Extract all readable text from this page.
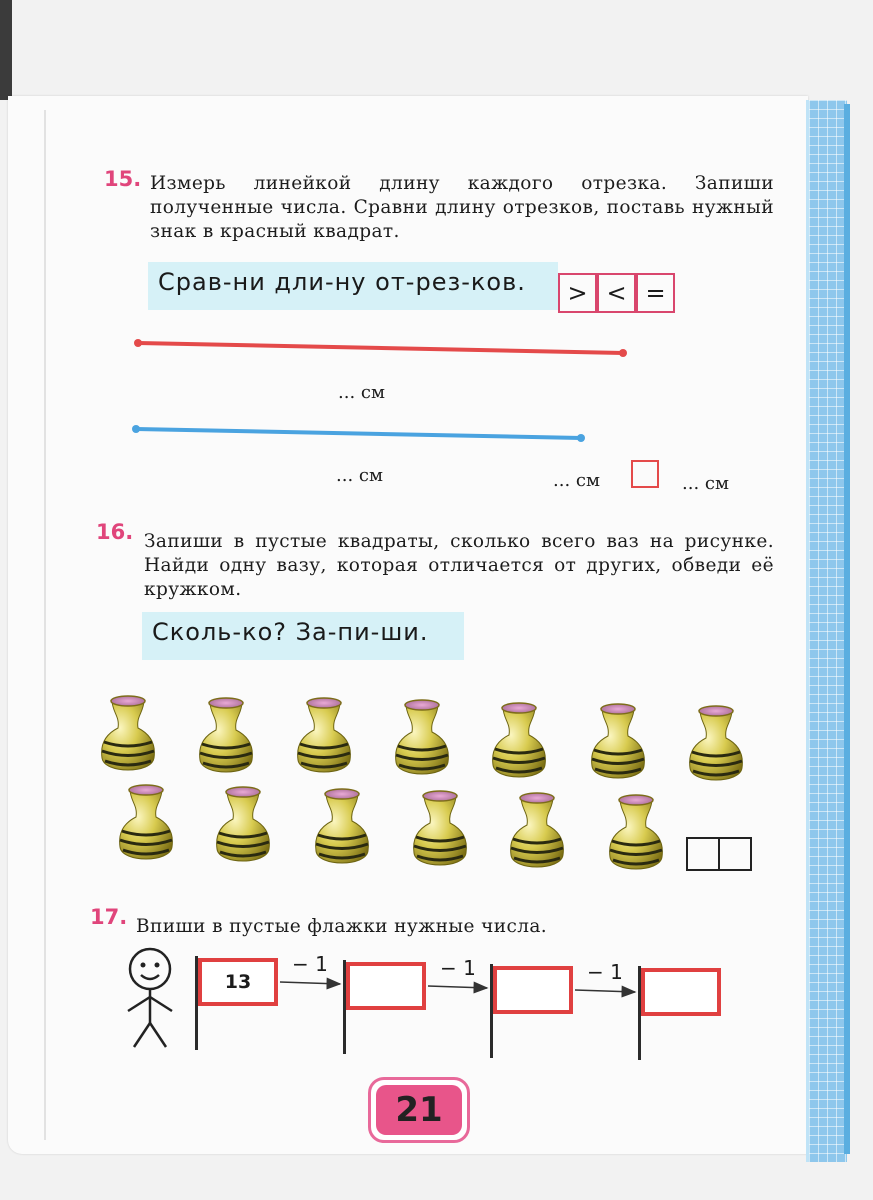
15. Измерь линейкой длину каждого отрезка. Запиши полученные числа. Сравни длину отрезков, поставь нужный знак в красный квадрат.
Срав-ни дли-ну от-рез-ков.	> < =
... см
... см	... см	... см
16. Запиши в пустые квадраты, сколько всего ваз на рисунке. Найди одну вазу, которая отличается от других, обведи её кружком.
Сколь-ко? За-пи-ши.
17. Впиши в пустые флажки нужные числа.
13
− 1	− 1	− 1
21
